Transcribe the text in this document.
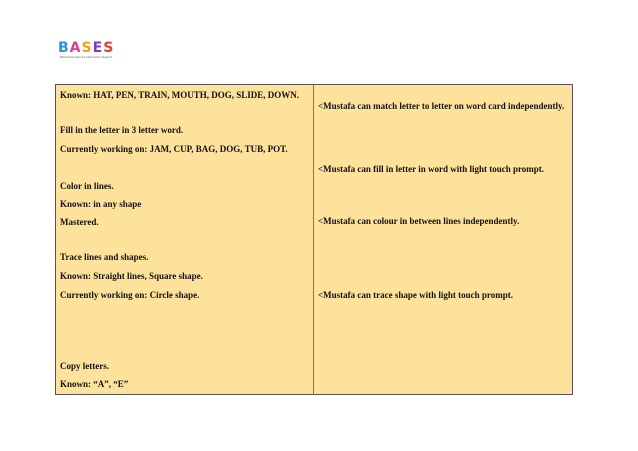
BASES
Behavioral Learning Intervention Support
Known: HAT, PEN, TRAIN, MOUTH, DOG, SLIDE, DOWN.
Fill in the letter in 3 letter word.
Currently working on: JAM, CUP, BAG, DOG, TUB, POT.
Color in lines.
Known: in any shape
Mastered.
Trace lines and shapes.
Known: Straight lines, Square shape.
Currently working on: Circle shape.
Copy letters.
Known: “A”, “E”
<Mustafa can match letter to letter on word card independently.
<Mustafa can fill in letter in word with light touch prompt.
<Mustafa can colour in between lines independently.
<Mustafa can trace shape with light touch prompt.
